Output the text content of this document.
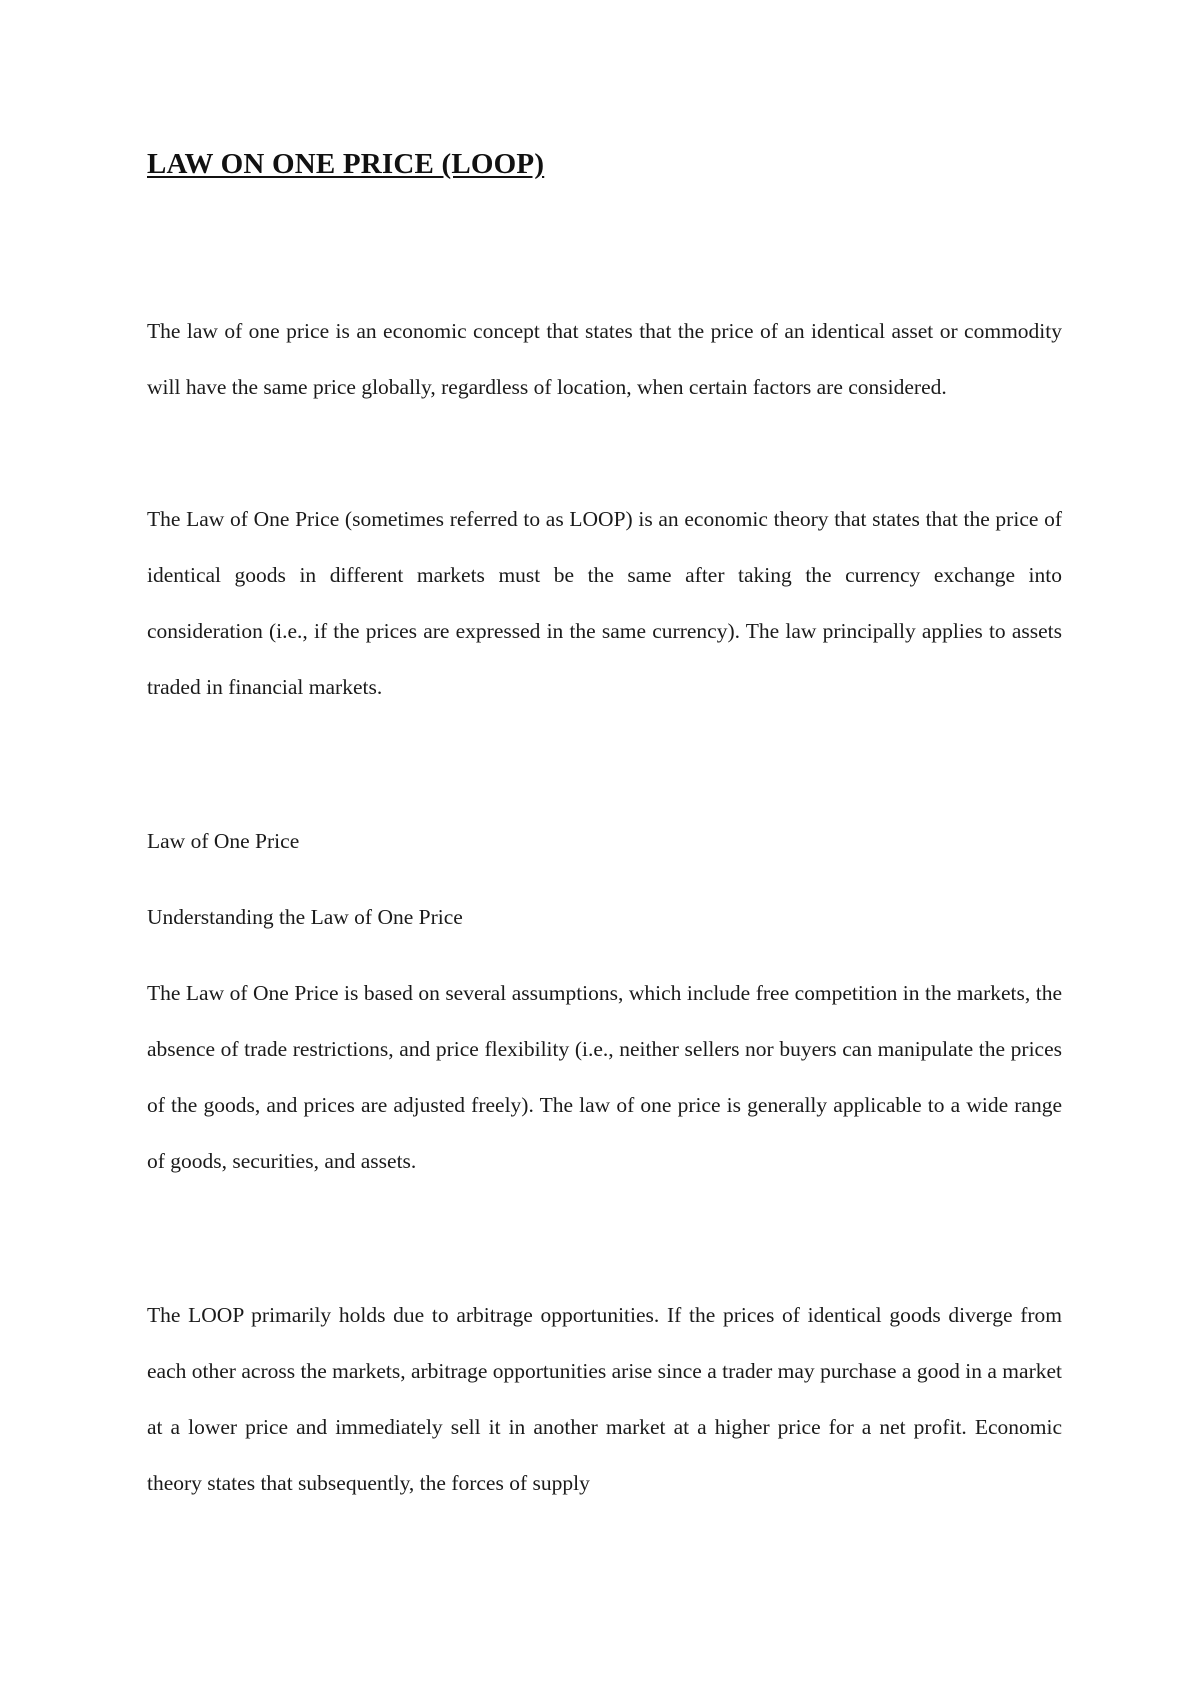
LAW ON ONE PRICE (LOOP)

The law of one price is an economic concept that states that the price of an identical asset or commodity will have the same price globally, regardless of location, when certain factors are considered.

The Law of One Price (sometimes referred to as LOOP) is an economic theory that states that the price of identical goods in different markets must be the same after taking the currency exchange into consideration (i.e., if the prices are expressed in the same currency). The law principally applies to assets traded in financial markets.

Law of One Price

Understanding the Law of One Price

The Law of One Price is based on several assumptions, which include free competition in the markets, the absence of trade restrictions, and price flexibility (i.e., neither sellers nor buyers can manipulate the prices of the goods, and prices are adjusted freely). The law of one price is generally applicable to a wide range of goods, securities, and assets.

The LOOP primarily holds due to arbitrage opportunities. If the prices of identical goods diverge from each other across the markets, arbitrage opportunities arise since a trader may purchase a good in a market at a lower price and immediately sell it in another market at a higher price for a net profit. Economic theory states that subsequently, the forces of supply
